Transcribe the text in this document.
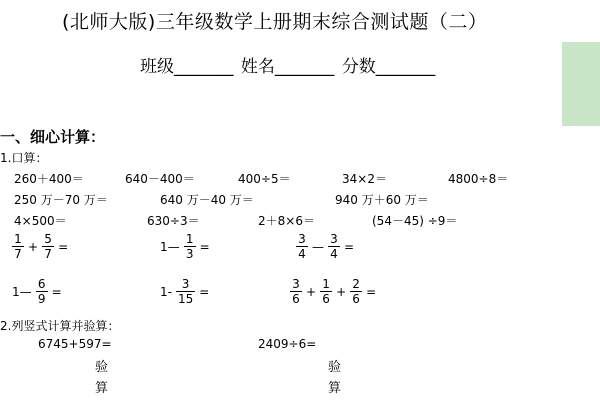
(北师大版)三年级数学上册期末综合测试题（二）
班级_______ 姓名_______ 分数_______
一、细心计算：
1.口算：
260＋400＝	640－400＝	400÷5＝	34×2＝	4800÷8＝
250 万－70 万＝	640 万－40 万＝	940 万＋60 万＝
4×500＝	630÷3＝	2＋8×6＝	(54－45) ÷9＝
$\frac{1}{7} + \frac{5}{7}$ =	1— $\frac{1}{3}$ =	$\frac{3}{4}$ — $\frac{3}{4}$ =
1— $\frac{6}{9}$ =	$1- \frac{3}{15}$ =	$\frac{3}{6} + \frac{1}{6} + \frac{2}{6}$ =
2.列竖式计算并验算：
6745+597=	2409÷6=
验
算
验
算
